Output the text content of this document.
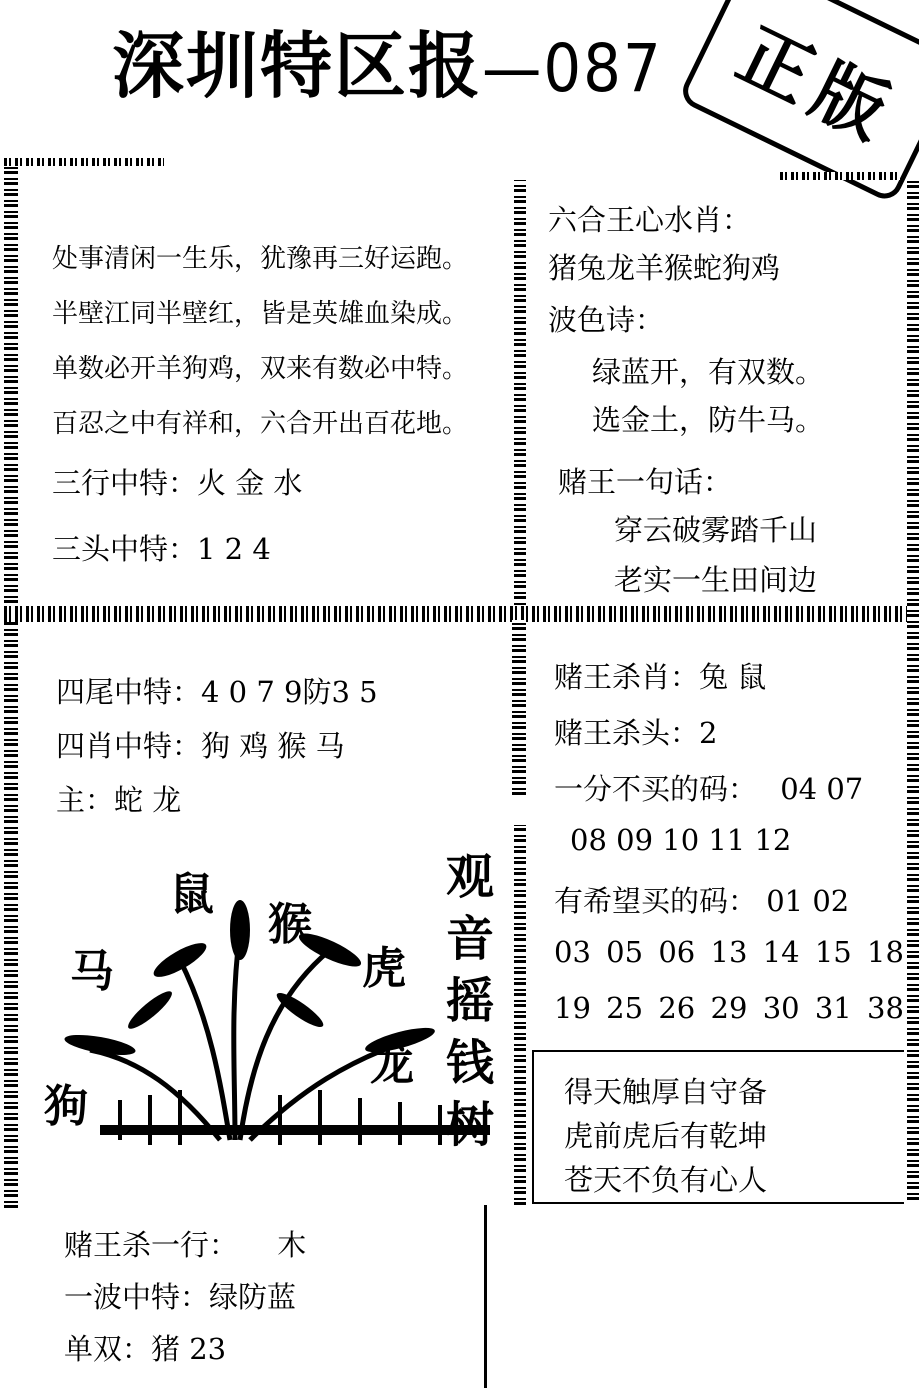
深圳特区报—087 正版
处事清闲一生乐，犹豫再三好运跑。
半壁江同半壁红，皆是英雄血染成。
单数必开羊狗鸡，双来有数必中特。
百忍之中有祥和，六合开出百花地。
三行中特：火 金 水
三头中特：1 2 4
六合王心水肖：
猪兔龙羊猴蛇狗鸡
波色诗：
绿蓝开，有双数。
选金土，防牛马。
赌王一句话：
穿云破雾踏千山
老实一生田间边
四尾中特：4 0 7 9防3 5
四肖中特：狗 鸡 猴 马
主：蛇 龙
鼠
猴
马	虎
龙
狗
观
音
摇
钱
树
赌王杀肖：兔 鼠
赌王杀头：2
一分不买的码： 04 07
08 09 10 11 12
有希望买的码： 01 02
03 05 06 13 14 15 18
19 25 26 29 30 31 38
得天触厚自守备
虎前虎后有乾坤
苍天不负有心人
赌王杀一行： 木
一波中特：绿防蓝
单双：猪 23
